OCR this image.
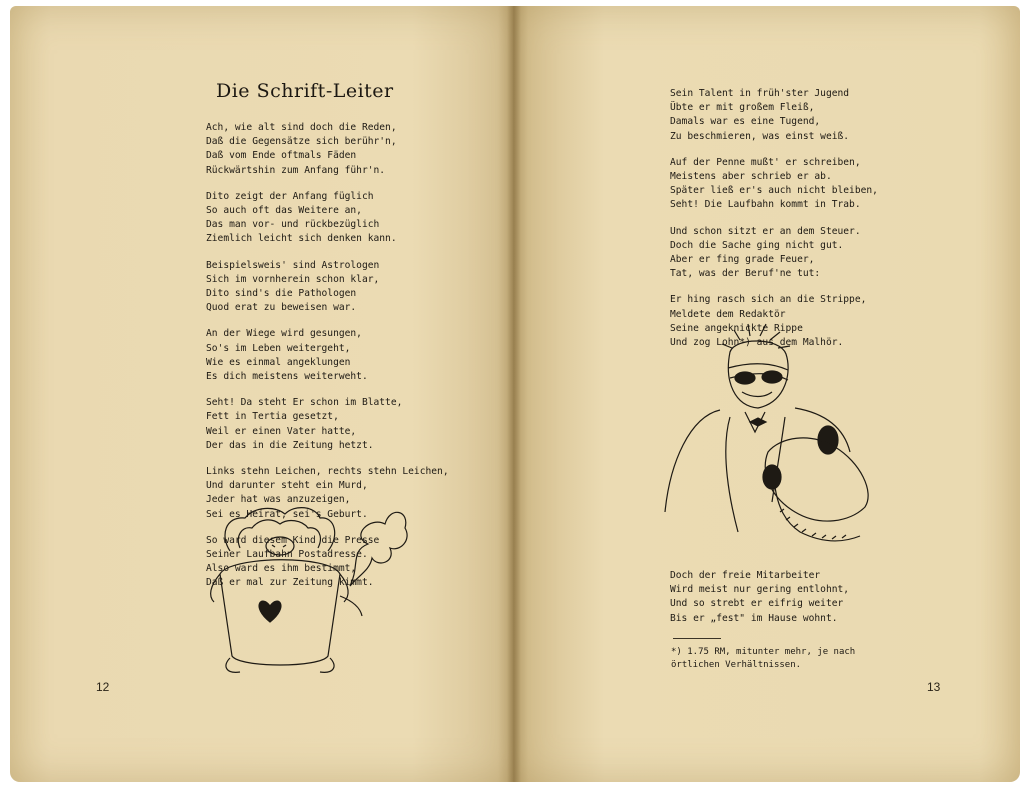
Die Schrift-Leiter
Ach, wie alt sind doch die Reden,
Daß die Gegensätze sich berühr'n,
Daß vom Ende oftmals Fäden
Rückwärtshin zum Anfang führ'n.
Dito zeigt der Anfang füglich
So auch oft das Weitere an,
Das man vor- und rückbezüglich
Ziemlich leicht sich denken kann.
Beispielsweis' sind Astrologen
Sich im vornherein schon klar,
Dito sind's die Pathologen
Quod erat zu beweisen war.
An der Wiege wird gesungen,
So's im Leben weitergeht,
Wie es einmal angeklungen
Es dich meistens weiterweht.
Seht! Da steht Er schon im Blatte,
Fett in Tertia gesetzt,
Weil er einen Vater hatte,
Der das in die Zeitung hetzt.
Links stehn Leichen, rechts stehn Leichen,
Und darunter steht ein Murd,
Jeder hat was anzuzeigen,
Sei es Heirat, sei's Geburt.
So ward diesem Kind die Presse
Seiner Laufbahn Postadresse.
Also ward es ihm bestimmt,
Daß er mal zur Zeitung kimmt.
12
Sein Talent in früh'ster Jugend
Übte er mit großem Fleiß,
Damals war es eine Tugend,
Zu beschmieren, was einst weiß.
Auf der Penne mußt' er schreiben,
Meistens aber schrieb er ab.
Später ließ er's auch nicht bleiben,
Seht! Die Laufbahn kommt in Trab.
Und schon sitzt er an dem Steuer.
Doch die Sache ging nicht gut.
Aber er fing grade Feuer,
Tat, was der Beruf'ne tut:
Er hing rasch sich an die Strippe,
Meldete dem Redaktör
Seine angeknickte Rippe
Und zog Lohn*) aus dem Malhör.
Doch der freie Mitarbeiter
Wird meist nur gering entlohnt,
Und so strebt er eifrig weiter
Bis er „fest" im Hause wohnt.
*) 1.75 RM, mitunter mehr, je nach örtlichen Verhältnissen.
13
